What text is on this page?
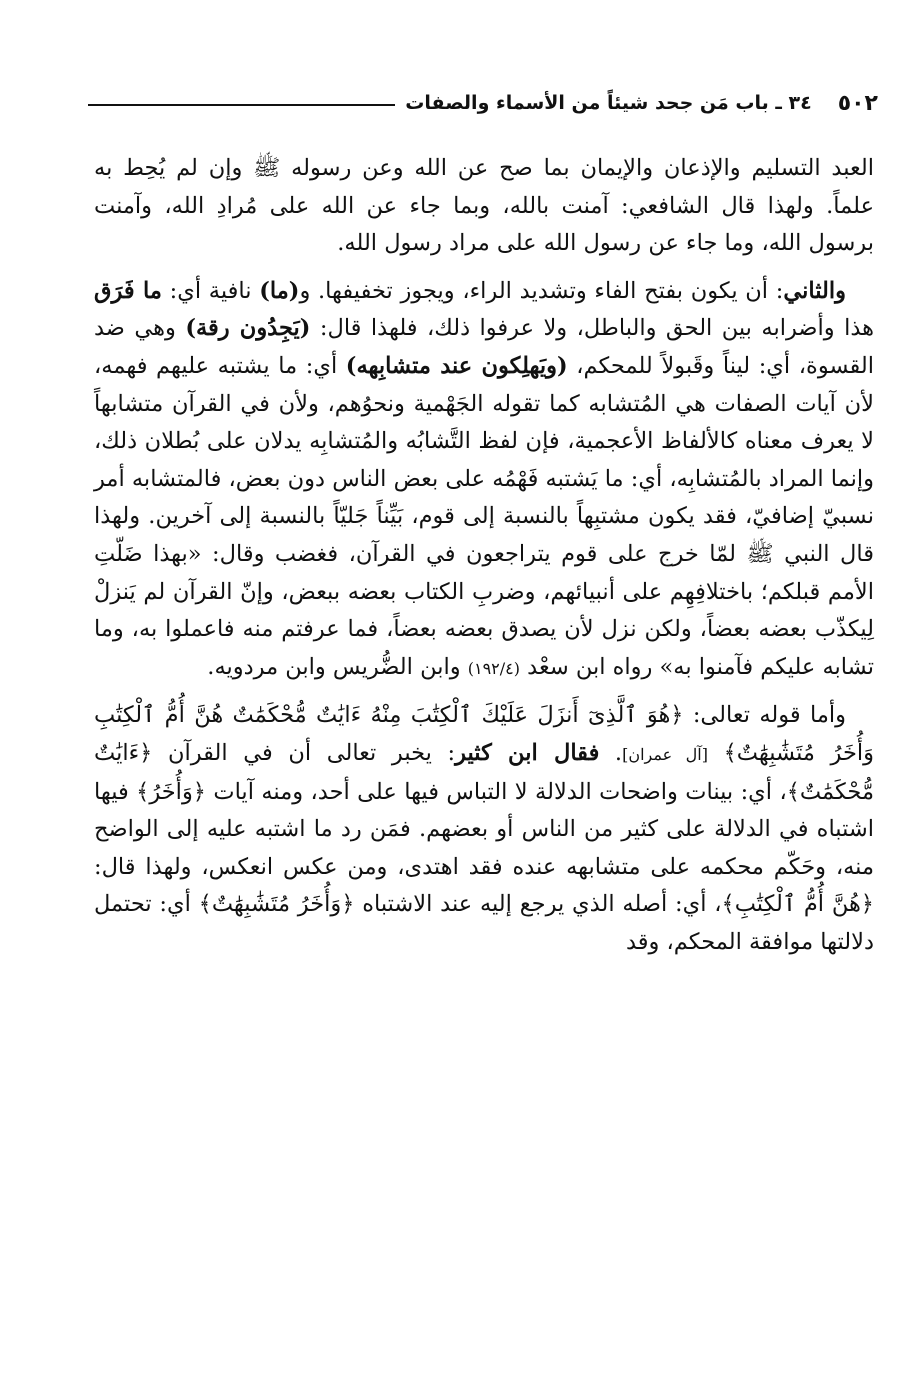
٥٠٢
٣٤ ـ باب مَن جحد شيئاً من الأسماء والصفات

العبد التسليم والإذعان والإيمان بما صح عن الله وعن رسوله ﷺ وإن لم يُحِط به علماً. ولهذا قال الشافعي: آمنت بالله، وبما جاء عن الله على مُرادِ الله، وآمنت برسول الله، وما جاء عن رسول الله على مراد رسول الله.

والثاني: أن يكون بفتح الفاء وتشديد الراء، ويجوز تخفيفها. و(ما) نافية أي: ما فَرَق هذا وأضرابه بين الحق والباطل، ولا عرفوا ذلك، فلهذا قال: (يَجِدُون رقة) وهي ضد القسوة، أي: ليناً وقَبولاً للمحكم، (ويَهلِكون عند متشابِهه) أي: ما يشتبه عليهم فهمه، لأن آيات الصفات هي المُتشابه كما تقوله الجَهْمية ونحوُهم، ولأن في القرآن متشابهاً لا يعرف معناه كالألفاظ الأعجمية، فإن لفظ التَّشابُه والمُتشابِه يدلان على بُطلان ذلك، وإنما المراد بالمُتشابِه، أي: ما يَشتبه فَهْمُه على بعض الناس دون بعض، فالمتشابه أمر نسبيّ إضافيّ، فقد يكون مشتبِهاً بالنسبة إلى قوم، بَيِّناً جَليّاً بالنسبة إلى آخرين. ولهذا قال النبي ﷺ لمّا خرج على قوم يتراجعون في القرآن، فغضب وقال: «بهذا ضَلّتِ الأمم قبلكم؛ باختلافِهِم على أنبيائهم، وضربِ الكتاب بعضه ببعض، وإنّ القرآن لم يَنزلْ لِيكذّب بعضه بعضاً، ولكن نزل لأن يصدق بعضه بعضاً، فما عرفتم منه فاعملوا به، وما تشابه عليكم فآمنوا به» رواه ابن سعْد (١٩٢/٤) وابن الضُّريس وابن مردويه.

وأما قوله تعالى: ﴿هُوَ ٱلَّذِىٓ أَنزَلَ عَلَيْكَ ٱلْكِتَٰبَ مِنْهُ ءَايَٰتٌ مُّحْكَمَٰتٌ هُنَّ أُمُّ ٱلْكِتَٰبِ وَأُخَرُ مُتَشَٰبِهَٰتٌ﴾ [آل عمران]. فقال ابن كثير: يخبر تعالى أن في القرآن ﴿ءَايَٰتٌ مُّحْكَمَٰتٌ﴾، أي: بينات واضحات الدلالة لا التباس فيها على أحد، ومنه آيات ﴿وَأُخَرُ﴾ فيها اشتباه في الدلالة على كثير من الناس أو بعضهم. فمَن رد ما اشتبه عليه إلى الواضح منه، وحَكّم محكمه على متشابهه عنده فقد اهتدى، ومن عكس انعكس، ولهذا قال: ﴿هُنَّ أُمُّ ٱلْكِتَٰبِ﴾، أي: أصله الذي يرجع إليه عند الاشتباه ﴿وَأُخَرُ مُتَشَٰبِهَٰتٌ﴾ أي: تحتمل دلالتها موافقة المحكم، وقد
